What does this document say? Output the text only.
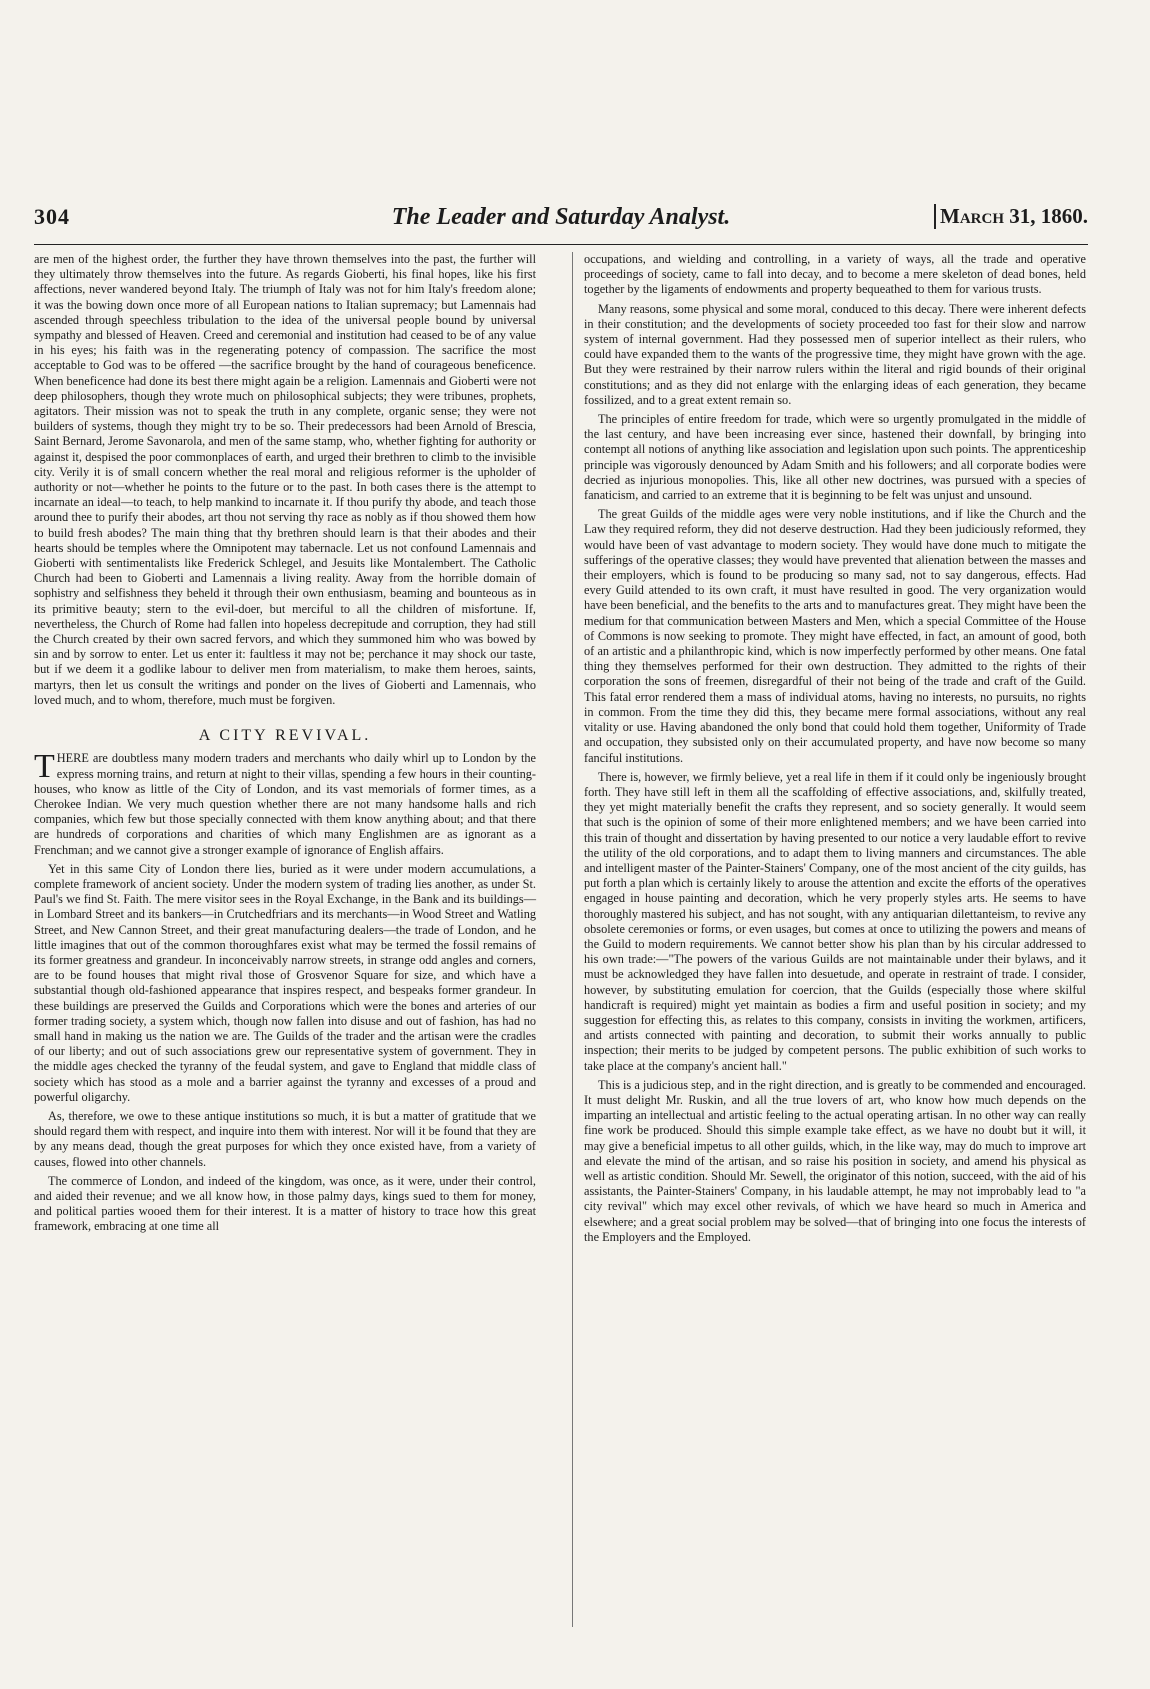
304	The Leader and Saturday Analyst.	March 31, 1860.

are men of the highest order, the further they have thrown themselves into the past, the further will they ultimately throw themselves into the future. As regards Gioberti, his final hopes, like his first affections, never wandered beyond Italy. The triumph of Italy was not for him Italy's freedom alone; it was the bowing down once more of all European nations to Italian supremacy; but Lamennais had ascended through speechless tribulation to the idea of the universal people bound by universal sympathy and blessed of Heaven. Creed and ceremonial and institution had ceased to be of any value in his eyes; his faith was in the regenerating potency of compassion. The sacrifice the most acceptable to God was to be offered —the sacrifice brought by the hand of courageous beneficence. When beneficence had done its best there might again be a religion. Lamennais and Gioberti were not deep philosophers, though they wrote much on philosophical subjects; they were tribunes, prophets, agitators. Their mission was not to speak the truth in any complete, organic sense; they were not builders of systems, though they might try to be so. Their predecessors had been Arnold of Brescia, Saint Bernard, Jerome Savonarola, and men of the same stamp, who, whether fighting for authority or against it, despised the poor commonplaces of earth, and urged their brethren to climb to the invisible city. Verily it is of small concern whether the real moral and religious reformer is the upholder of authority or not—whether he points to the future or to the past. In both cases there is the attempt to incarnate an ideal—to teach, to help mankind to incarnate it. If thou purify thy abode, and teach those around thee to purify their abodes, art thou not serving thy race as nobly as if thou showed them how to build fresh abodes? The main thing that thy brethren should learn is that their abodes and their hearts should be temples where the Omnipotent may tabernacle. Let us not confound Lamennais and Gioberti with sentimentalists like Frederick Schlegel, and Jesuits like Montalembert. The Catholic Church had been to Gioberti and Lamennais a living reality. Away from the horrible domain of sophistry and selfishness they beheld it through their own enthusiasm, beaming and bounteous as in its primitive beauty; stern to the evil-doer, but merciful to all the children of misfortune. If, nevertheless, the Church of Rome had fallen into hopeless decrepitude and corruption, they had still the Church created by their own sacred fervors, and which they summoned him who was bowed by sin and by sorrow to enter. Let us enter it: faultless it may not be; perchance it may shock our taste, but if we deem it a godlike labour to deliver men from materialism, to make them heroes, saints, martyrs, then let us consult the writings and ponder on the lives of Gioberti and Lamennais, who loved much, and to whom, therefore, much must be forgiven.

A CITY REVIVAL.

THERE are doubtless many modern traders and merchants who daily whirl up to London by the express morning trains, and return at night to their villas, spending a few hours in their counting-houses, who know as little of the City of London, and its vast memorials of former times, as a Cherokee Indian. We very much question whether there are not many handsome halls and rich companies, which few but those specially connected with them know anything about; and that there are hundreds of corporations and charities of which many Englishmen are as ignorant as a Frenchman; and we cannot give a stronger example of ignorance of English affairs.

Yet in this same City of London there lies, buried as it were under modern accumulations, a complete framework of ancient society. Under the modern system of trading lies another, as under St. Paul's we find St. Faith. The mere visitor sees in the Royal Exchange, in the Bank and its buildings—in Lombard Street and its bankers—in Crutchedfriars and its merchants—in Wood Street and Watling Street, and New Cannon Street, and their great manufacturing dealers—the trade of London, and he little imagines that out of the common thoroughfares exist what may be termed the fossil remains of its former greatness and grandeur. In inconceivably narrow streets, in strange odd angles and corners, are to be found houses that might rival those of Grosvenor Square for size, and which have a substantial though old-fashioned appearance that inspires respect, and bespeaks former grandeur. In these buildings are preserved the Guilds and Corporations which were the bones and arteries of our former trading society, a system which, though now fallen into disuse and out of fashion, has had no small hand in making us the nation we are. The Guilds of the trader and the artisan were the cradles of our liberty; and out of such associations grew our representative system of government. They in the middle ages checked the tyranny of the feudal system, and gave to England that middle class of society which has stood as a mole and a barrier against the tyranny and excesses of a proud and powerful oligarchy.

As, therefore, we owe to these antique institutions so much, it is but a matter of gratitude that we should regard them with respect, and inquire into them with interest. Nor will it be found that they are by any means dead, though the great purposes for which they once existed have, from a variety of causes, flowed into other channels.

The commerce of London, and indeed of the kingdom, was once, as it were, under their control, and aided their revenue; and we all know how, in those palmy days, kings sued to them for money, and political parties wooed them for their interest. It is a matter of history to trace how this great framework, embracing at one time all

occupations, and wielding and controlling, in a variety of ways, all the trade and operative proceedings of society, came to fall into decay, and to become a mere skeleton of dead bones, held together by the ligaments of endowments and property bequeathed to them for various trusts.

Many reasons, some physical and some moral, conduced to this decay. There were inherent defects in their constitution; and the developments of society proceeded too fast for their slow and narrow system of internal government. Had they possessed men of superior intellect as their rulers, who could have expanded them to the wants of the progressive time, they might have grown with the age. But they were restrained by their narrow rulers within the literal and rigid bounds of their original constitutions; and as they did not enlarge with the enlarging ideas of each generation, they became fossilized, and to a great extent remain so.

The principles of entire freedom for trade, which were so urgently promulgated in the middle of the last century, and have been increasing ever since, hastened their downfall, by bringing into contempt all notions of anything like association and legislation upon such points. The apprenticeship principle was vigorously denounced by Adam Smith and his followers; and all corporate bodies were decried as injurious monopolies. This, like all other new doctrines, was pursued with a species of fanaticism, and carried to an extreme that it is beginning to be felt was unjust and unsound.

The great Guilds of the middle ages were very noble institutions, and if like the Church and the Law they required reform, they did not deserve destruction. Had they been judiciously reformed, they would have been of vast advantage to modern society. They would have done much to mitigate the sufferings of the operative classes; they would have prevented that alienation between the masses and their employers, which is found to be producing so many sad, not to say dangerous, effects. Had every Guild attended to its own craft, it must have resulted in good. The very organization would have been beneficial, and the benefits to the arts and to manufactures great. They might have been the medium for that communication between Masters and Men, which a special Committee of the House of Commons is now seeking to promote. They might have effected, in fact, an amount of good, both of an artistic and a philanthropic kind, which is now imperfectly performed by other means. One fatal thing they themselves performed for their own destruction. They admitted to the rights of their corporation the sons of freemen, disregardful of their not being of the trade and craft of the Guild. This fatal error rendered them a mass of individual atoms, having no interests, no pursuits, no rights in common. From the time they did this, they became mere formal associations, without any real vitality or use. Having abandoned the only bond that could hold them together, Uniformity of Trade and occupation, they subsisted only on their accumulated property, and have now become so many fanciful institutions.

There is, however, we firmly believe, yet a real life in them if it could only be ingeniously brought forth. They have still left in them all the scaffolding of effective associations, and, skilfully treated, they yet might materially benefit the crafts they represent, and so society generally. It would seem that such is the opinion of some of their more enlightened members; and we have been carried into this train of thought and dissertation by having presented to our notice a very laudable effort to revive the utility of the old corporations, and to adapt them to living manners and circumstances. The able and intelligent master of the Painter-Stainers' Company, one of the most ancient of the city guilds, has put forth a plan which is certainly likely to arouse the attention and excite the efforts of the operatives engaged in house painting and decoration, which he very properly styles arts. He seems to have thoroughly mastered his subject, and has not sought, with any antiquarian dilettanteism, to revive any obsolete ceremonies or forms, or even usages, but comes at once to utilizing the powers and means of the Guild to modern requirements. We cannot better show his plan than by his circular addressed to his own trade:—"The powers of the various Guilds are not maintainable under their bylaws, and it must be acknowledged they have fallen into desuetude, and operate in restraint of trade. I consider, however, by substituting emulation for coercion, that the Guilds (especially those where skilful handicraft is required) might yet maintain as bodies a firm and useful position in society; and my suggestion for effecting this, as relates to this company, consists in inviting the workmen, artificers, and artists connected with painting and decoration, to submit their works annually to public inspection; their merits to be judged by competent persons. The public exhibition of such works to take place at the company's ancient hall."

This is a judicious step, and in the right direction, and is greatly to be commended and encouraged. It must delight Mr. Ruskin, and all the true lovers of art, who know how much depends on the imparting an intellectual and artistic feeling to the actual operating artisan. In no other way can really fine work be produced. Should this simple example take effect, as we have no doubt but it will, it may give a beneficial impetus to all other guilds, which, in the like way, may do much to improve art and elevate the mind of the artisan, and so raise his position in society, and amend his physical as well as artistic condition. Should Mr. Sewell, the originator of this notion, succeed, with the aid of his assistants, the Painter-Stainers' Company, in his laudable attempt, he may not improbably lead to "a city revival" which may excel other revivals, of which we have heard so much in America and elsewhere; and a great social problem may be solved—that of bringing into one focus the interests of the Employers and the Employed.
